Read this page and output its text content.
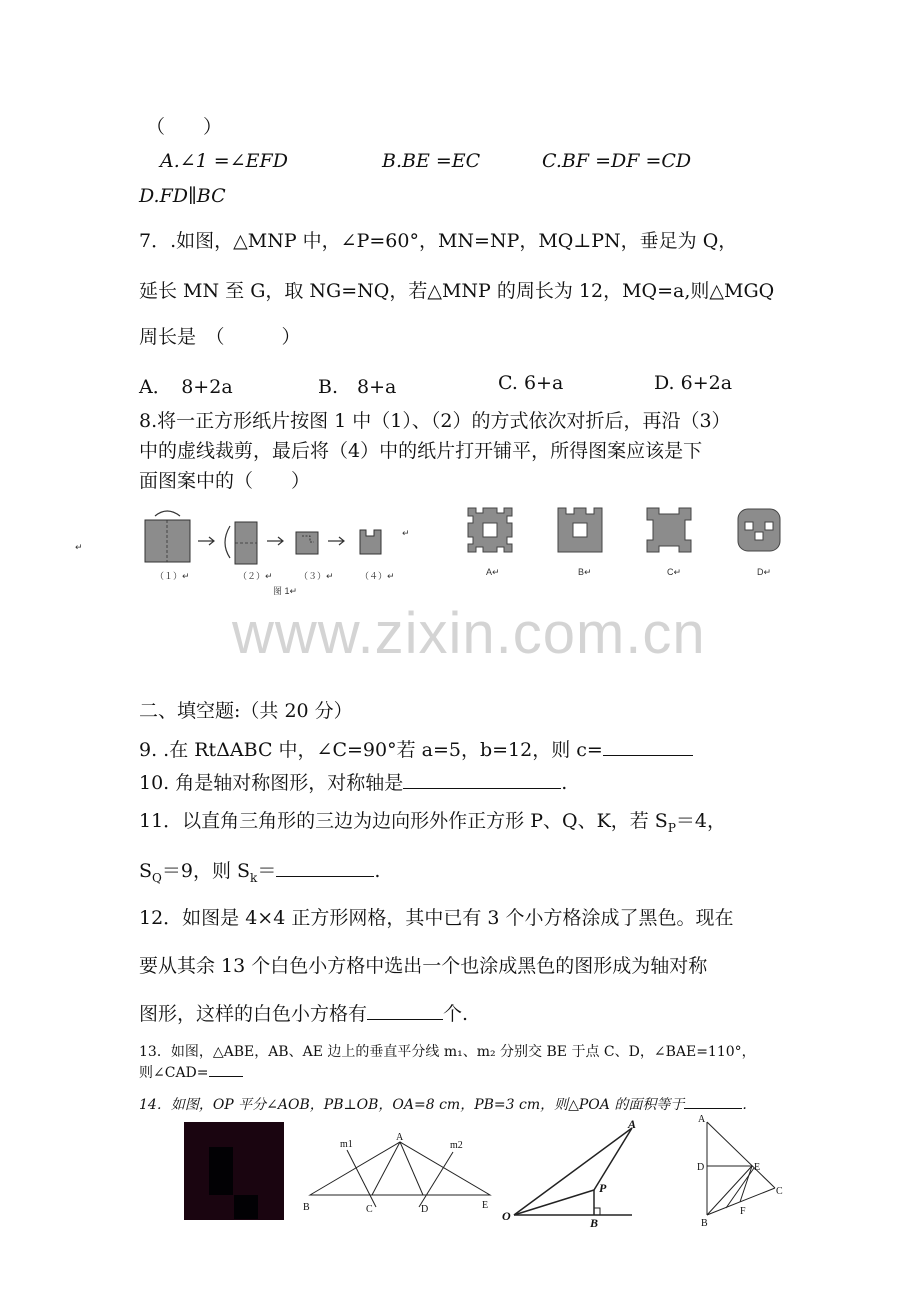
（　　）
A.∠1 =∠EFD	B.BE =EC	C.BF =DF =CD
D.FD∥BC
7．.如图，△MNP 中，∠P=60°，MN=NP，MQ⊥PN，垂足为 Q，
延长 MN 至 G，取 NG=NQ，若△MNP 的周长为 12，MQ=a,则△MGQ
周长是　（　　　）
A．　8+2a	B.　8+a	C. 6+a	D. 6+2a
8.将一正方形纸片按图 1 中（1）、（2）的方式依次对折后，再沿（3）
中的虚线裁剪，最后将（4）中的纸片打开铺平，所得图案应该是下
面图案中的（　　）
↵
（１）↵	（２）↵	（３）↵	（４）↵
图 1↵
↵
A↵	B↵	C↵	D↵
www.zixin.com.cn
二、填空题:（共 20 分）
9. .在 RtΔABC 中，∠C=90°若 a=5，b=12，则 c=
10. 角是轴对称图形，对称轴是	.
11．以直角三角形的三边为边向形外作正方形 P、Q、K，若 $S_P=4$，
$S_Q=9$，则 $S_k=$	.
12．如图是 4×4 正方形网格，其中已有 3 个小方格涂成了黑色。现在
要从其余 13 个白色小方格中选出一个也涂成黑色的图形成为轴对称
图形，这样的白色小方格有	个.
13．如图，△ABE，AB、AE 边上的垂直平分线 m₁、m₂ 分别交 BE 于点 C、D，∠BAE=110°，
则∠CAD=
14．如图，OP 平分∠AOB，PB⊥OB，OA=8 cm，PB=3 cm，则△POA 的面积等于	.
A
B	C	D	E
m1	m2
A
P
O	B
A
D	E
C
B
F
